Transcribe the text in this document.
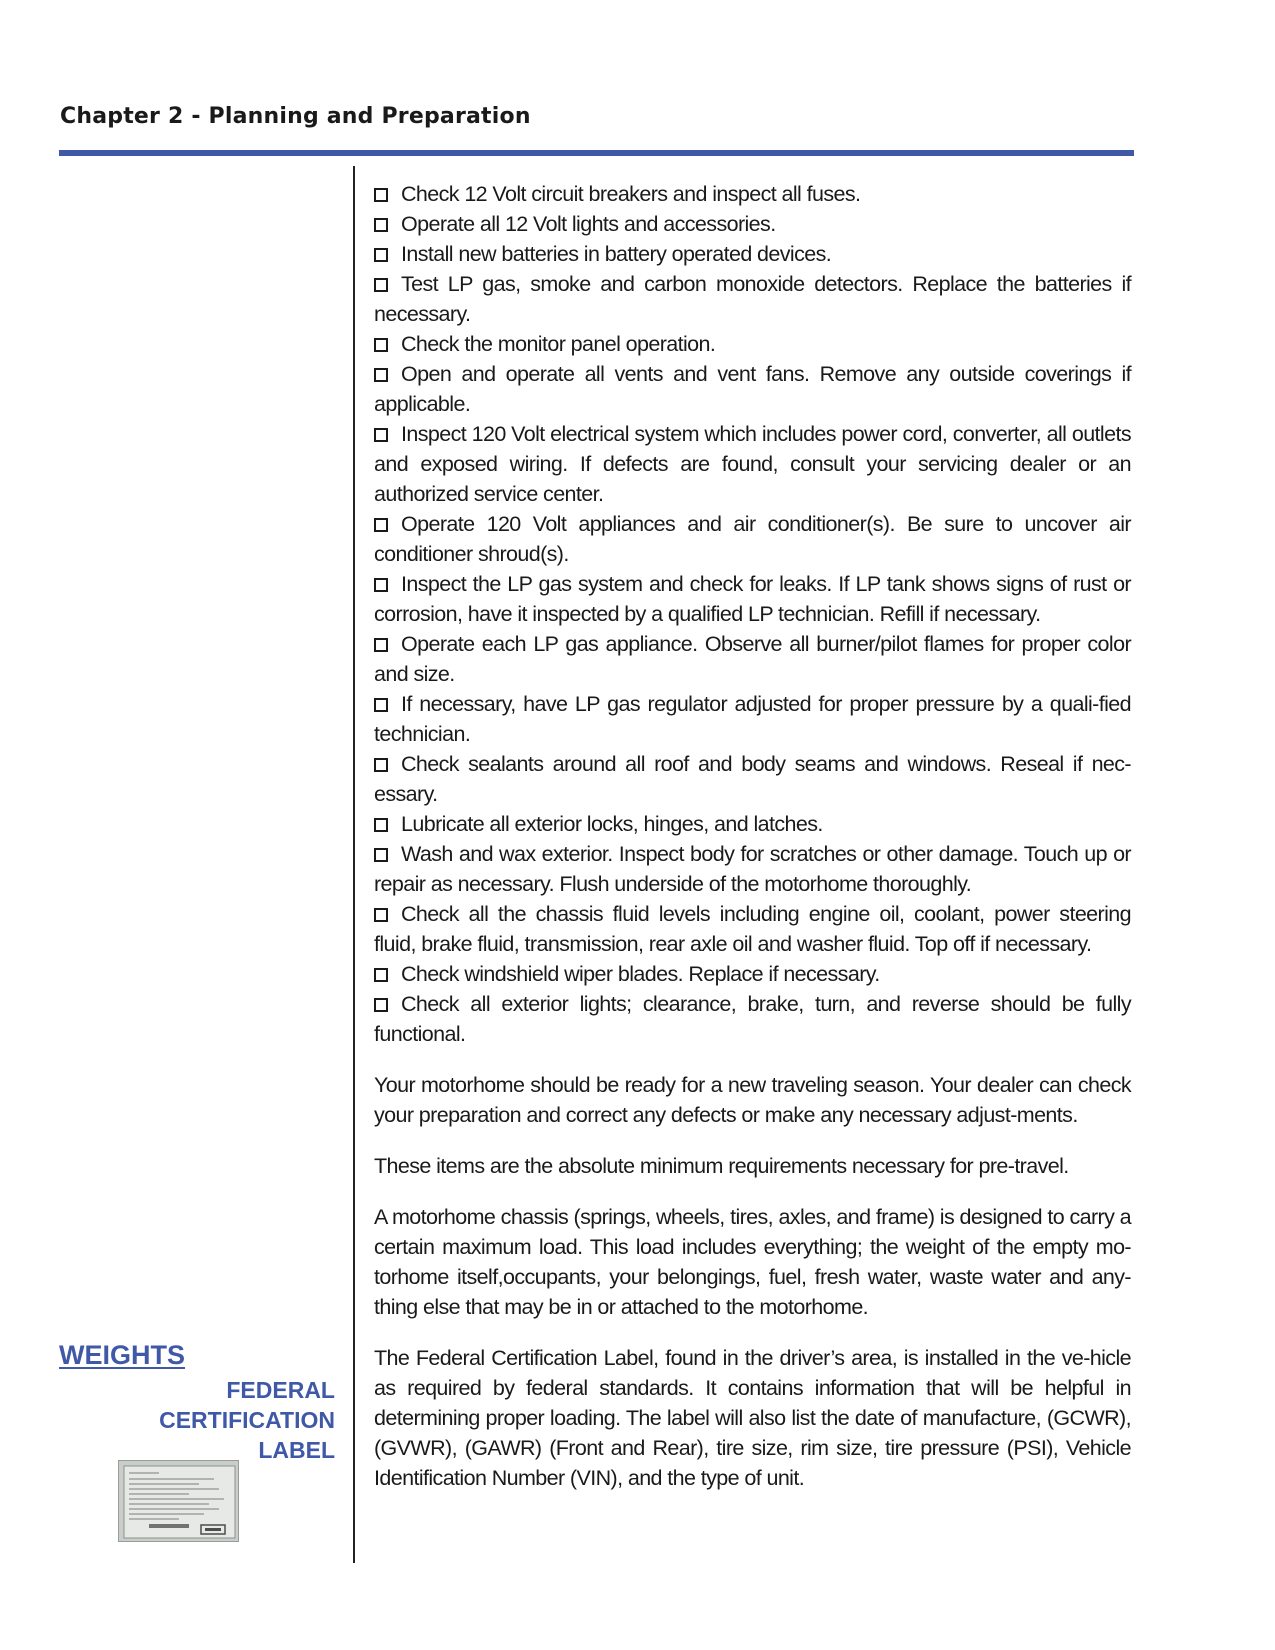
Chapter 2 - Planning and Preparation
Check 12 Volt circuit breakers and inspect all fuses.
Operate all 12 Volt lights and accessories.
Install new batteries in battery operated devices.
Test LP gas, smoke and carbon monoxide detectors. Replace the batteries if necessary.
Check the monitor panel operation.
Open and operate all vents and vent fans. Remove any outside coverings if applicable.
Inspect 120 Volt electrical system which includes power cord, converter, all outlets and exposed wiring. If defects are found, consult your servicing dealer or an authorized service center.
Operate 120 Volt appliances and air conditioner(s). Be sure to uncover air conditioner shroud(s).
Inspect the LP gas system and check for leaks. If LP tank shows signs of rust or corrosion, have it inspected by a qualified LP technician. Refill if necessary.
Operate each LP gas appliance. Observe all burner/pilot flames for proper color and size.
If necessary, have LP gas regulator adjusted for proper pressure by a quali-fied technician.
Check sealants around all roof and body seams and windows. Reseal if nec-essary.
Lubricate all exterior locks, hinges, and latches.
Wash and wax exterior. Inspect body for scratches or other damage. Touch up or repair as necessary. Flush underside of the motorhome thoroughly.
Check all the chassis fluid levels including engine oil, coolant, power steering fluid, brake fluid, transmission, rear axle oil and washer fluid. Top off if necessary.
Check windshield wiper blades. Replace if necessary.
Check all exterior lights; clearance, brake, turn, and reverse should be fully functional.

Your motorhome should be ready for a new traveling season. Your dealer can check your preparation and correct any defects or make any necessary adjust-ments.

These items are the absolute minimum requirements necessary for pre-travel.

A motorhome chassis (springs, wheels, tires, axles, and frame) is designed to carry a certain maximum load. This load includes everything; the weight of the empty mo-torhome itself,occupants, your belongings, fuel, fresh water, waste water and any-thing else that may be in or attached to the motorhome.

The Federal Certification Label, found in the driver’s area, is installed in the ve-hicle as required by federal standards. It contains information that will be helpful in determining proper loading. The label will also list the date of manufacture, (GCWR), (GVWR), (GAWR) (Front and Rear), tire size, rim size, tire pressure (PSI), Vehicle Identification Number (VIN), and the type of unit.

WEIGHTS
FEDERAL
CERTIFICATION
LABEL
